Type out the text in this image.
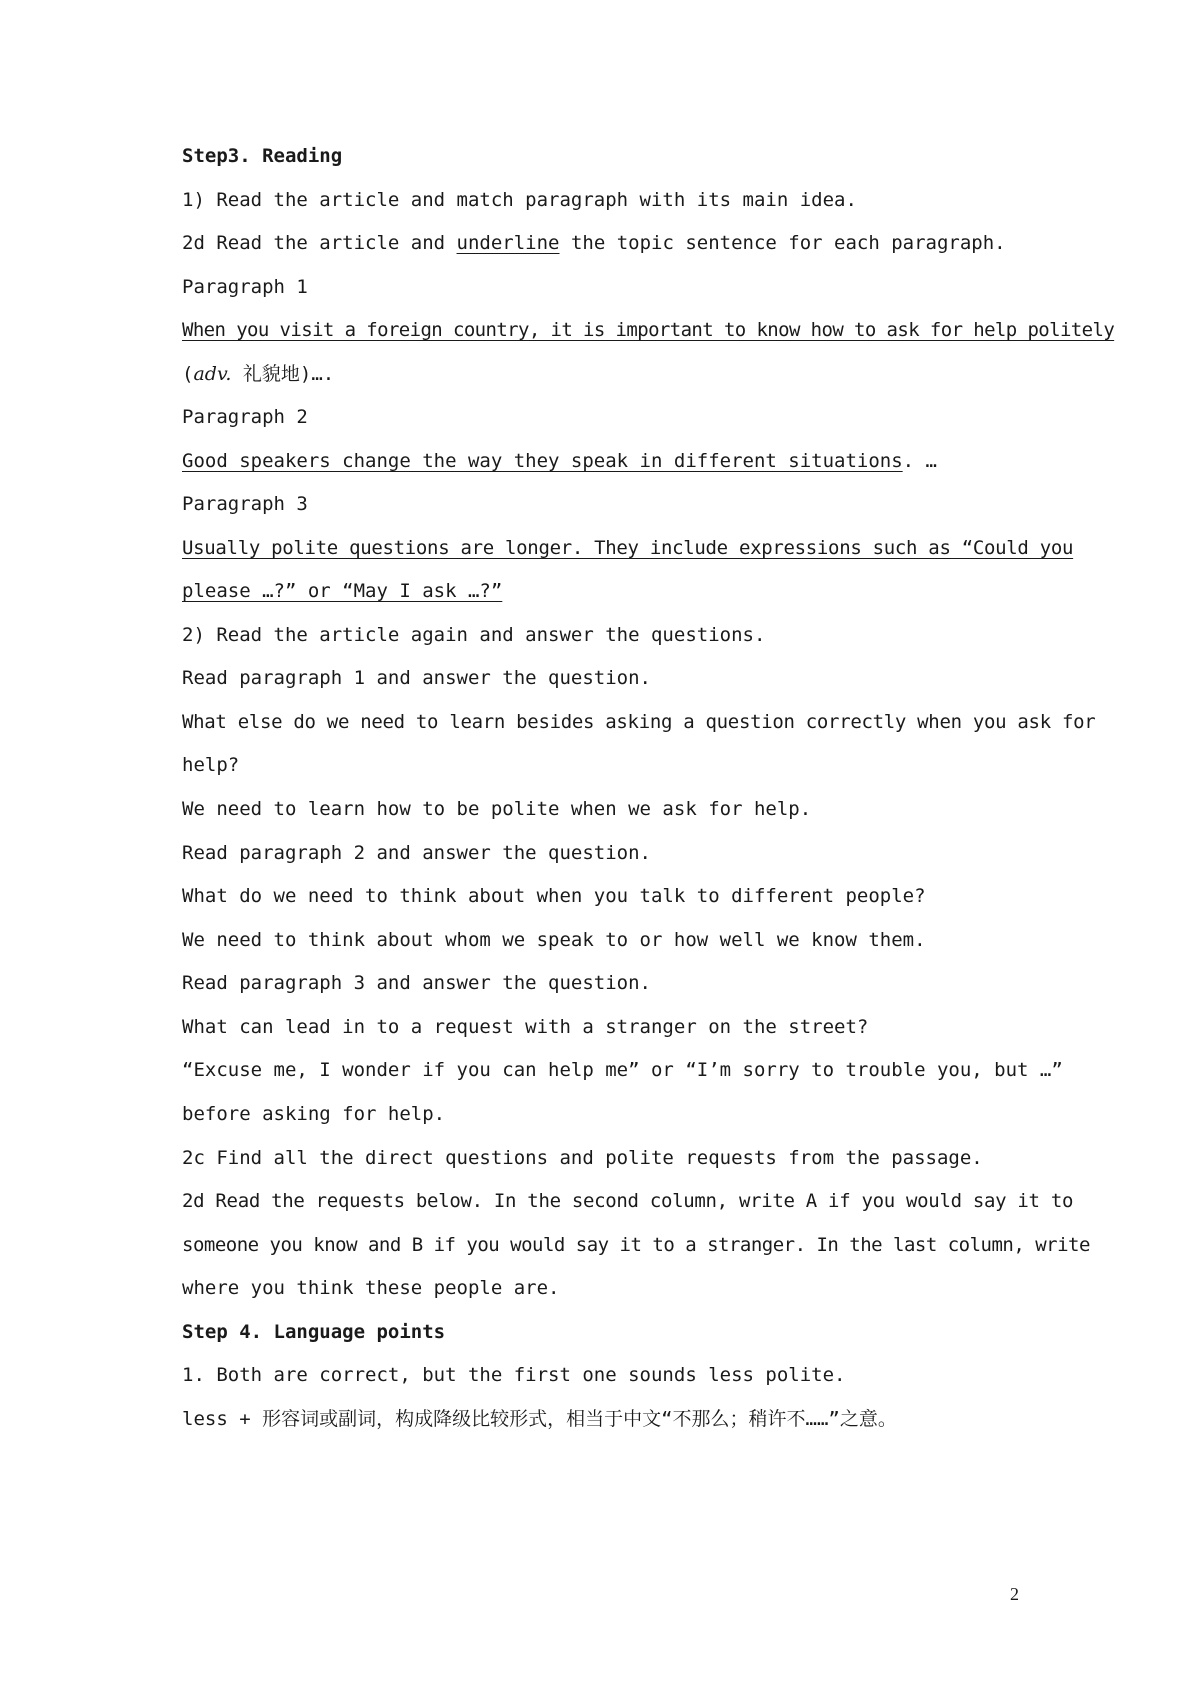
Step3. Reading
1) Read the article and match paragraph with its main idea.
2d Read the article and underline the topic sentence for each paragraph.
Paragraph 1
When you visit a foreign country, it is important to know how to ask for help politely
(adv. 礼貌地)….
Paragraph 2
Good speakers change the way they speak in different situations. …
Paragraph 3
Usually polite questions are longer. They include expressions such as “Could you
please …?” or “May I ask …?”
2) Read the article again and answer the questions.
Read paragraph 1 and answer the question.
What else do we need to learn besides asking a question correctly when you ask for
help?
We need to learn how to be polite when we ask for help.
Read paragraph 2 and answer the question.
What do we need to think about when you talk to different people?
We need to think about whom we speak to or how well we know them.
Read paragraph 3 and answer the question.
What can lead in to a request with a stranger on the street?
“Excuse me, I wonder if you can help me” or “I’m sorry to trouble you, but …”
before asking for help.
2c Find all the direct questions and polite requests from the passage.
2d Read the requests below. In the second column, write A if you would say it to
someone you know and B if you would say it to a stranger. In the last column, write
where you think these people are.
Step 4. Language points
1. Both are correct, but the first one sounds less polite.
less + 形容词或副词，构成降级比较形式，相当于中文“不那么；稍许不……”之意。
2
